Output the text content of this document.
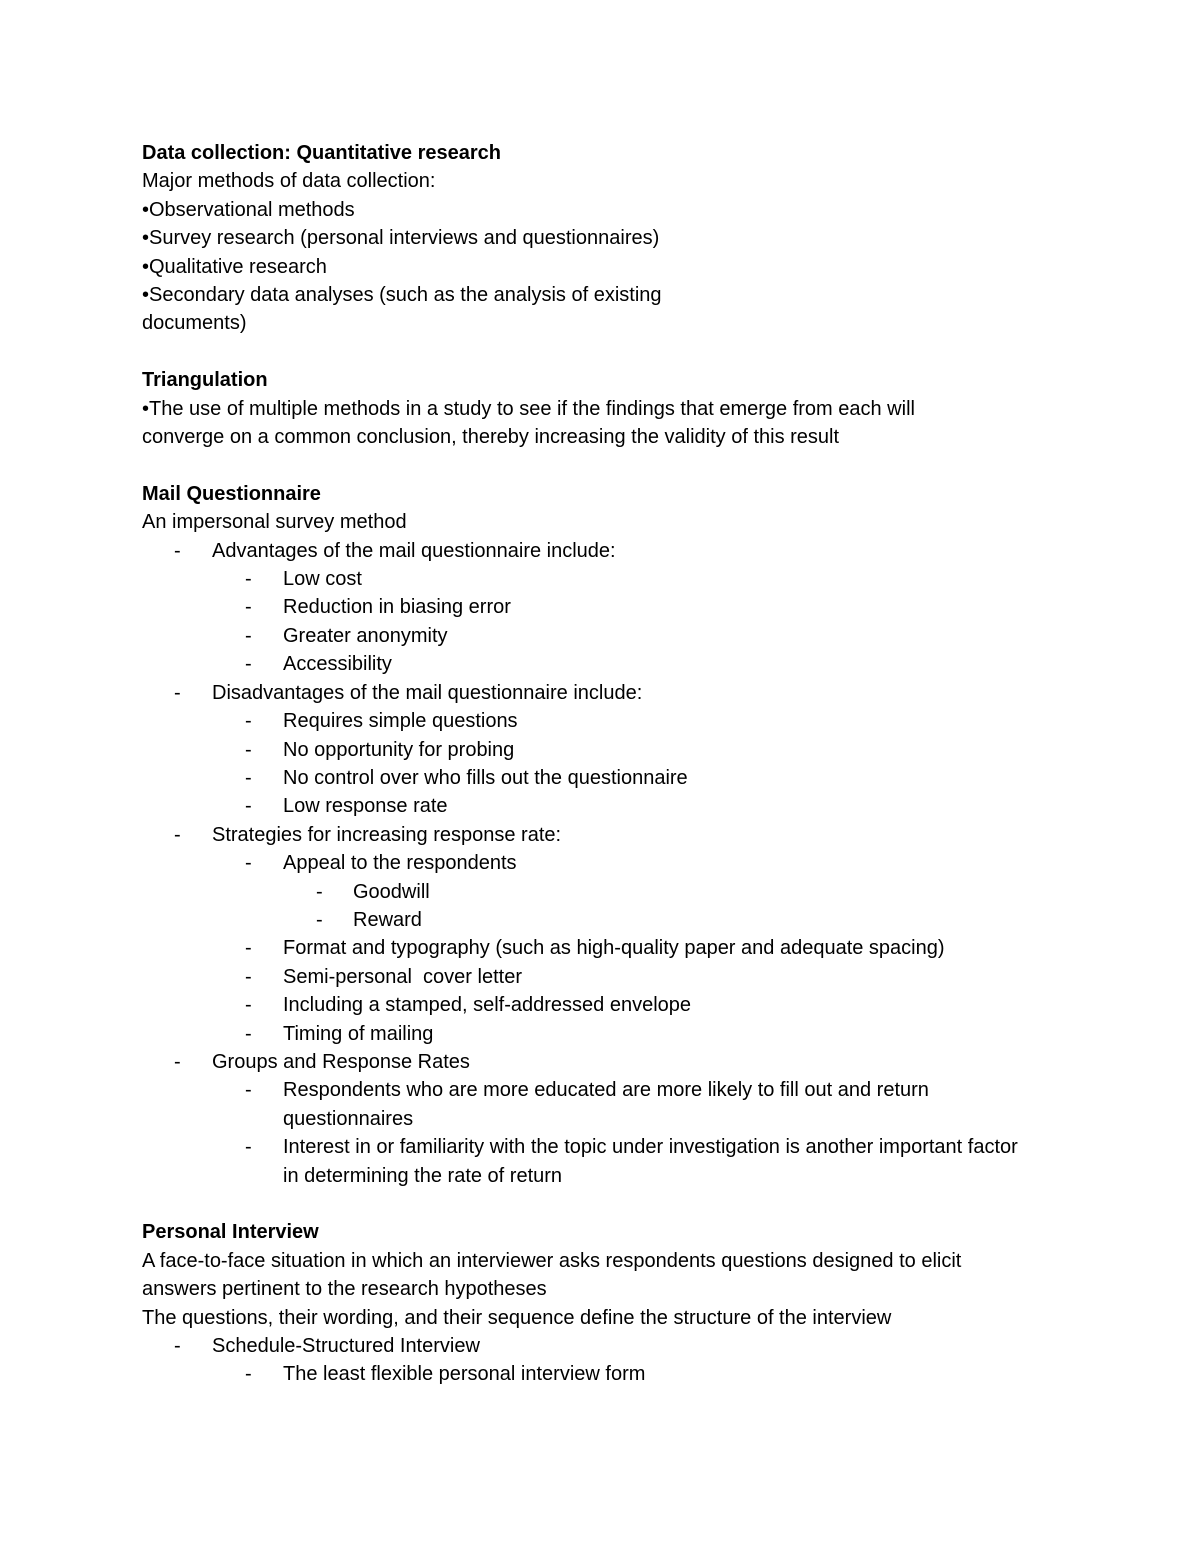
Data collection: Quantitative research

Major methods of data collection:

•Observational methods

•Survey research (personal interviews and questionnaires)

•Qualitative research

•Secondary data analyses (such as the analysis of existing

documents)

Triangulation

•The use of multiple methods in a study to see if the findings that emerge from each will

converge on a common conclusion, thereby increasing the validity of this result

Mail Questionnaire

An impersonal survey method

- Advantages of the mail questionnaire include:
- Low cost
- Reduction in biasing error
- Greater anonymity
- Accessibility
- Disadvantages of the mail questionnaire include:
- Requires simple questions
- No opportunity for probing
- No control over who fills out the questionnaire
- Low response rate
- Strategies for increasing response rate:
- Appeal to the respondents
- Goodwill
- Reward
- Format and typography (such as high-quality paper and adequate spacing)
- Semi-personal  cover letter
- Including a stamped, self-addressed envelope
- Timing of mailing
- Groups and Response Rates
- Respondents who are more educated are more likely to fill out and return questionnaires
- Interest in or familiarity with the topic under investigation is another important factor in determining the rate of return

Personal Interview

A face-to-face situation in which an interviewer asks respondents questions designed to elicit answers pertinent to the research hypotheses

The questions, their wording, and their sequence define the structure of the interview

- Schedule-Structured Interview
- The least flexible personal interview form
